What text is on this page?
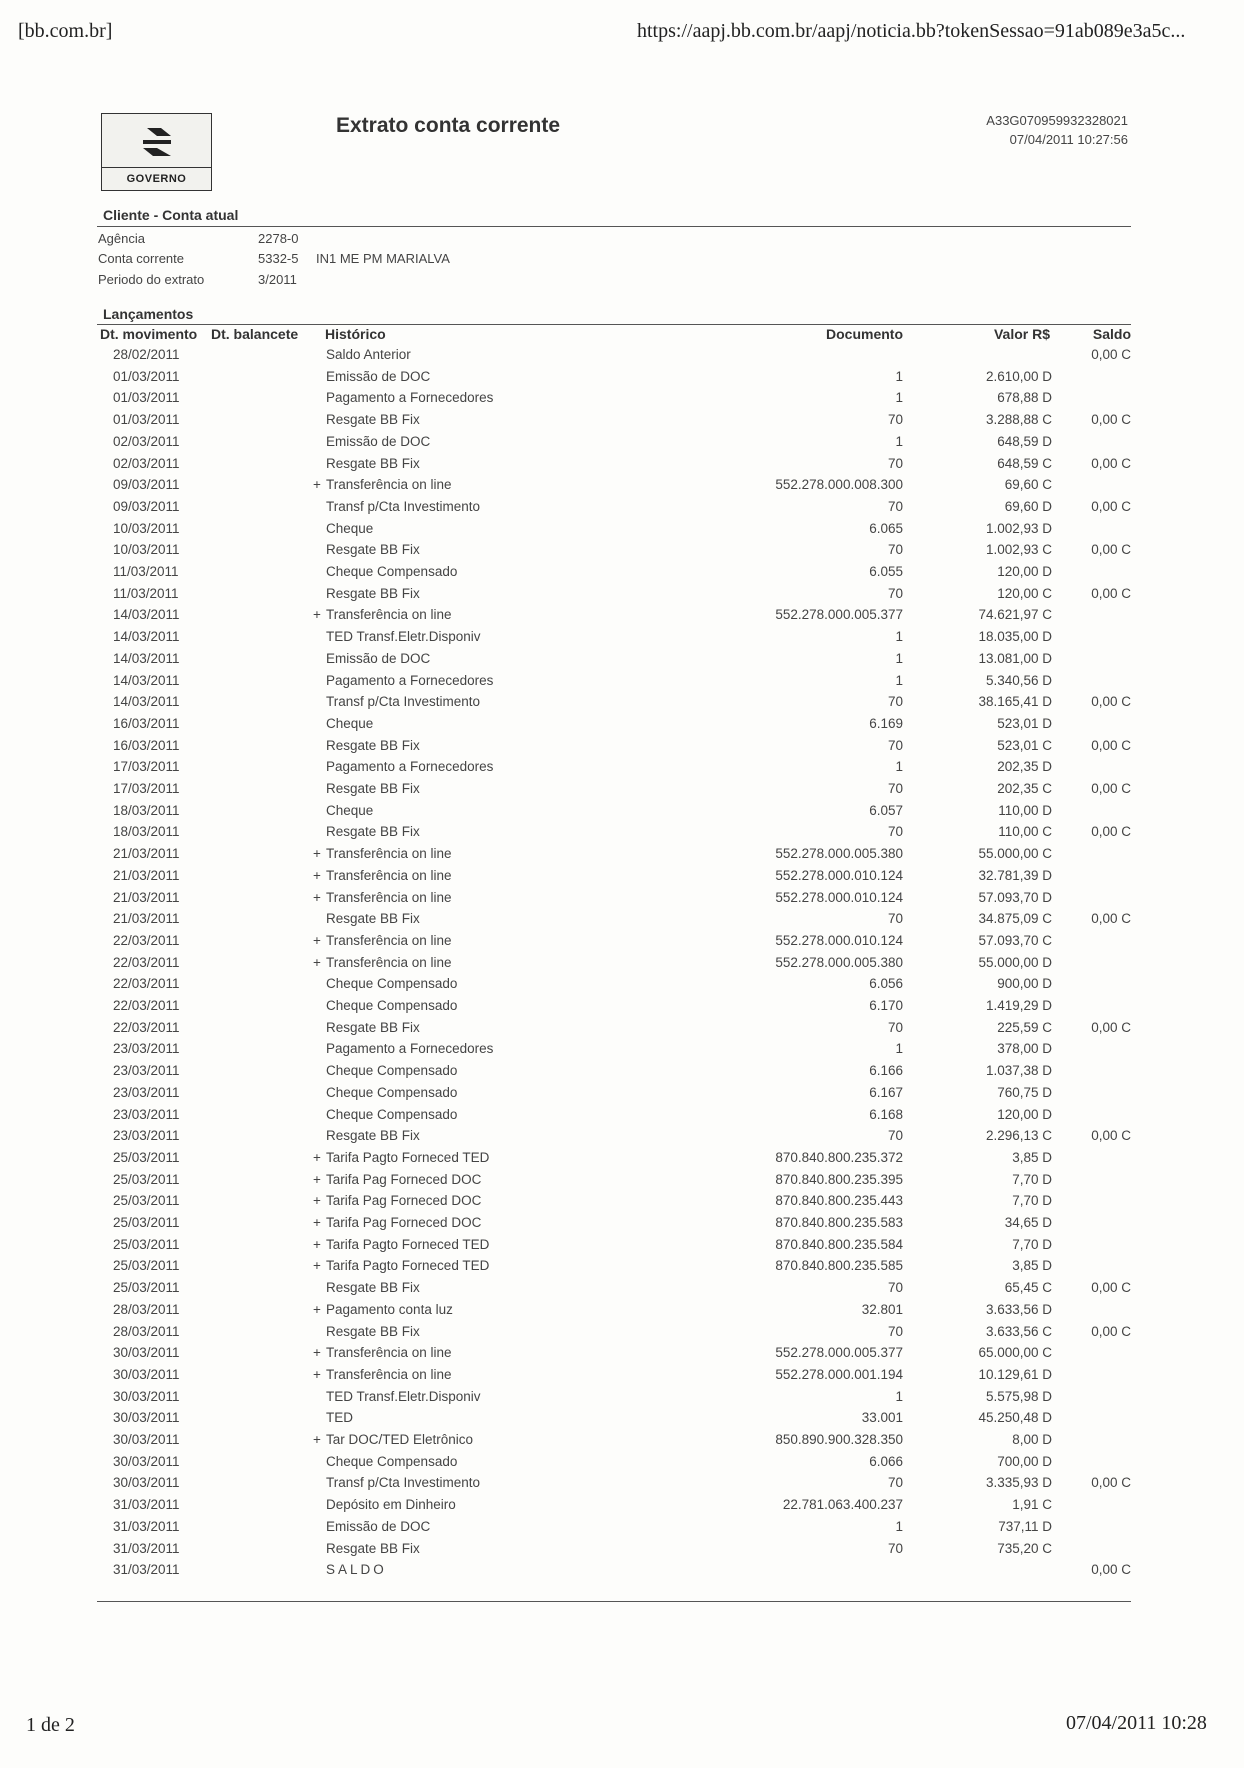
[bb.com.br]	https://aapj.bb.com.br/aapj/noticia.bb?tokenSessao=91ab089e3a5c...
1 de 2	07/04/2011 10:28
GOVERNO
Extrato conta corrente	A33G070959932328021
07/04/2011 10:27:56
Cliente - Conta atual
Agência	2278-0
Conta corrente	5332-5 IN1 ME PM MARIALVA
Periodo do extrato	3/2011
Lançamentos
Dt. movimento Dt. balancete Histórico	Documento	Valor R$	Saldo
28/02/2011	Saldo Anterior	0,00 C
01/03/2011	Emissão de DOC	1	2.610,00 D
01/03/2011	Pagamento a Fornecedores	1	678,88 D
01/03/2011	Resgate BB Fix	70	3.288,88 C	0,00 C
02/03/2011	Emissão de DOC	1	648,59 D
02/03/2011	Resgate BB Fix	70	648,59 C	0,00 C
09/03/2011	+ Transferência on line	552.278.000.008.300	69,60 C
09/03/2011	Transf p/Cta Investimento	70	69,60 D	0,00 C
10/03/2011	Cheque	6.065	1.002,93 D
10/03/2011	Resgate BB Fix	70	1.002,93 C	0,00 C
11/03/2011	Cheque Compensado	6.055	120,00 D
11/03/2011	Resgate BB Fix	70	120,00 C	0,00 C
14/03/2011	+ Transferência on line	552.278.000.005.377	74.621,97 C
14/03/2011	TED Transf.Eletr.Disponiv	1	18.035,00 D
14/03/2011	Emissão de DOC	1	13.081,00 D
14/03/2011	Pagamento a Fornecedores	1	5.340,56 D
14/03/2011	Transf p/Cta Investimento	70	38.165,41 D	0,00 C
16/03/2011	Cheque	6.169	523,01 D
16/03/2011	Resgate BB Fix	70	523,01 C	0,00 C
17/03/2011	Pagamento a Fornecedores	1	202,35 D
17/03/2011	Resgate BB Fix	70	202,35 C	0,00 C
18/03/2011	Cheque	6.057	110,00 D
18/03/2011	Resgate BB Fix	70	110,00 C	0,00 C
21/03/2011	+ Transferência on line	552.278.000.005.380	55.000,00 C
21/03/2011	+ Transferência on line	552.278.000.010.124	32.781,39 D
21/03/2011	+ Transferência on line	552.278.000.010.124	57.093,70 D
21/03/2011	Resgate BB Fix	70	34.875,09 C	0,00 C
22/03/2011	+ Transferência on line	552.278.000.010.124	57.093,70 C
22/03/2011	+ Transferência on line	552.278.000.005.380	55.000,00 D
22/03/2011	Cheque Compensado	6.056	900,00 D
22/03/2011	Cheque Compensado	6.170	1.419,29 D
22/03/2011	Resgate BB Fix	70	225,59 C	0,00 C
23/03/2011	Pagamento a Fornecedores	1	378,00 D
23/03/2011	Cheque Compensado	6.166	1.037,38 D
23/03/2011	Cheque Compensado	6.167	760,75 D
23/03/2011	Cheque Compensado	6.168	120,00 D
23/03/2011	Resgate BB Fix	70	2.296,13 C	0,00 C
25/03/2011	+ Tarifa Pagto Forneced TED	870.840.800.235.372	3,85 D
25/03/2011	+ Tarifa Pag Forneced DOC	870.840.800.235.395	7,70 D
25/03/2011	+ Tarifa Pag Forneced DOC	870.840.800.235.443	7,70 D
25/03/2011	+ Tarifa Pag Forneced DOC	870.840.800.235.583	34,65 D
25/03/2011	+ Tarifa Pagto Forneced TED	870.840.800.235.584	7,70 D
25/03/2011	+ Tarifa Pagto Forneced TED	870.840.800.235.585	3,85 D
25/03/2011	Resgate BB Fix	70	65,45 C	0,00 C
28/03/2011	+ Pagamento conta luz	32.801	3.633,56 D
28/03/2011	Resgate BB Fix	70	3.633,56 C	0,00 C
30/03/2011	+ Transferência on line	552.278.000.005.377	65.000,00 C
30/03/2011	+ Transferência on line	552.278.000.001.194	10.129,61 D
30/03/2011	TED Transf.Eletr.Disponiv	1	5.575,98 D
30/03/2011	TED	33.001	45.250,48 D
30/03/2011	+ Tar DOC/TED Eletrônico	850.890.900.328.350	8,00 D
30/03/2011	Cheque Compensado	6.066	700,00 D
30/03/2011	Transf p/Cta Investimento	70	3.335,93 D	0,00 C
31/03/2011	Depósito em Dinheiro	22.781.063.400.237	1,91 C
31/03/2011	Emissão de DOC	1	737,11 D
31/03/2011	Resgate BB Fix	70	735,20 C
31/03/2011	SALDO	0,00 C
